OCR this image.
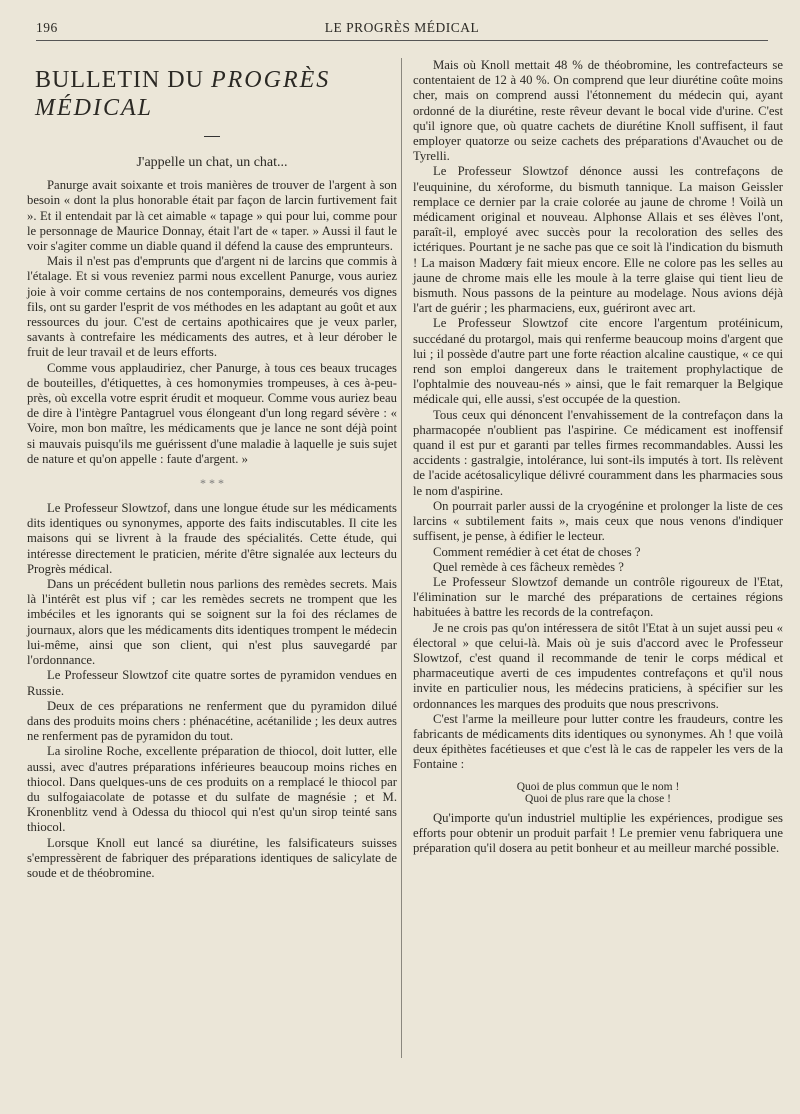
196	LE PROGRÈS MÉDICAL
BULLETIN DU PROGRÈS MÉDICAL
J'appelle un chat, un chat...

Panurge avait soixante et trois manières de trouver de l'argent à son besoin « dont la plus honorable était par façon de larcin furtivement fait ». Et il entendait par là cet aimable « tapage » qui pour lui, comme pour le personnage de Maurice Donnay, était l'art de « taper. » Aussi il faut le voir s'agiter comme un diable quand il défend la cause des emprunteurs.

Mais il n'est pas d'emprunts que d'argent ni de larcins que commis à l'étalage. Et si vous reveniez parmi nous excellent Panurge, vous auriez joie à voir comme certains de nos contemporains, demeurés vos dignes fils, ont su garder l'esprit de vos méthodes en les adaptant au goût et aux ressources du jour. C'est de certains apothicaires que je veux parler, savants à contrefaire les médicaments des autres, et à leur dérober le fruit de leur travail et de leurs efforts.

Comme vous applaudiriez, cher Panurge, à tous ces beaux trucages de bouteilles, d'étiquettes, à ces homonymies trompeuses, à ces à-peu-près, où excella votre esprit érudit et moqueur. Comme vous auriez beau de dire à l'intègre Pantagruel vous élongeant d'un long regard sévère : « Voire, mon bon maître, les médicaments que je lance ne sont déjà point si mauvais puisqu'ils me guérissent d'une maladie à laquelle je suis sujet de nature et qu'on appelle : faute d'argent. »

* * *

Le Professeur Slowtzof, dans une longue étude sur les médicaments dits identiques ou synonymes, apporte des faits indiscutables. Il cite les maisons qui se livrent à la fraude des spécialités. Cette étude, qui intéresse directement le praticien, mérite d'être signalée aux lecteurs du Progrès médical.

Dans un précédent bulletin nous parlions des remèdes secrets. Mais là l'intérêt est plus vif ; car les remèdes secrets ne trompent que les imbéciles et les ignorants qui se soignent sur la foi des réclames de journaux, alors que les médicaments dits identiques trompent le médecin lui-même, ainsi que son client, qui n'est plus sauvegardé par l'ordonnance.

Le Professeur Slowtzof cite quatre sortes de pyramidon vendues en Russie.

Deux de ces préparations ne renferment que du pyramidon dilué dans des produits moins chers : phénacétine, acétanilide ; les deux autres ne renferment pas de pyramidon du tout.

La siroline Roche, excellente préparation de thiocol, doit lutter, elle aussi, avec d'autres préparations inférieures beaucoup moins riches en thiocol. Dans quelques-uns de ces produits on a remplacé le thiocol par du sulfogaiacolate de potasse et du sulfate de magnésie ; et M. Kronenblitz vend à Odessa du thiocol qui n'est qu'un sirop teinté sans thiocol.

Lorsque Knoll eut lancé sa diurétine, les falsificateurs suisses s'empressèrent de fabriquer des préparations identiques de salicylate de soude et de théobromine.

Mais où Knoll mettait 48 % de théobromine, les contrefacteurs se contentaient de 12 à 40 %. On comprend que leur diurétine coûte moins cher, mais on comprend aussi l'étonnement du médecin qui, ayant ordonné de la diurétine, reste rêveur devant le bocal vide d'urine. C'est qu'il ignore que, où quatre cachets de diurétine Knoll suffisent, il faut employer quatorze ou seize cachets des préparations d'Avauchet ou de Tyrelli.

Le Professeur Slowtzof dénonce aussi les contrefaçons de l'euquinine, du xéroforme, du bismuth tannique. La maison Geissler remplace ce dernier par la craie colorée au jaune de chrome ! Voilà un médicament original et nouveau. Alphonse Allais et ses élèves l'ont, paraît-il, employé avec succès pour la recoloration des selles des ictériques. Pourtant je ne sache pas que ce soit là l'indication du bismuth ! La maison Madœry fait mieux encore. Elle ne colore pas les selles au jaune de chrome mais elle les moule à la terre glaise qui tient lieu de bismuth. Nous passons de la peinture au modelage. Nous avions déjà l'art de guérir ; les pharmaciens, eux, guériront avec art.

Le Professeur Slowtzof cite encore l'argentum protéinicum, succédané du protargol, mais qui renferme beaucoup moins d'argent que lui ; il possède d'autre part une forte réaction alcaline caustique, « ce qui rend son emploi dangereux dans le traitement prophylactique de l'ophtalmie des nouveau-nés » ainsi, que le fait remarquer la Belgique médicale qui, elle aussi, s'est occupée de la question.

Tous ceux qui dénoncent l'envahissement de la contrefaçon dans la pharmacopée n'oublient pas l'aspirine. Ce médicament est inoffensif quand il est pur et garanti par telles firmes recommandables. Aussi les accidents : gastralgie, intolérance, lui sont-ils imputés à tort. Ils relèvent de l'acide acétosalicylique délivré couramment dans les pharmacies sous le nom d'aspirine.

On pourrait parler aussi de la cryogénine et prolonger la liste de ces larcins « subtilement faits », mais ceux que nous venons d'indiquer suffisent, je pense, à édifier le lecteur.

Comment remédier à cet état de choses ?

Quel remède à ces fâcheux remèdes ?

Le Professeur Slowtzof demande un contrôle rigoureux de l'Etat, l'élimination sur le marché des préparations de certaines régions habituées à battre les records de la contrefaçon.

Je ne crois pas qu'on intéressera de sitôt l'Etat à un sujet aussi peu « électoral » que celui-là. Mais où je suis d'accord avec le Professeur Slowtzof, c'est quand il recommande de tenir le corps médical et pharmaceutique averti de ces impudentes contrefaçons et qu'il nous invite en particulier nous, les médecins praticiens, à spécifier sur les ordonnances les marques des produits que nous prescrivons.

C'est l'arme la meilleure pour lutter contre les fraudeurs, contre les fabricants de médicaments dits identiques ou synonymes. Ah ! que voilà deux épithètes facétieuses et que c'est là le cas de rappeler les vers de la Fontaine :

Quoi de plus commun que le nom !
Quoi de plus rare que la chose !

Qu'importe qu'un industriel multiplie les expériences, prodigue ses efforts pour obtenir un produit parfait ! Le premier venu fabriquera une préparation qu'il dosera au petit bonheur et au meilleur marché possible.
